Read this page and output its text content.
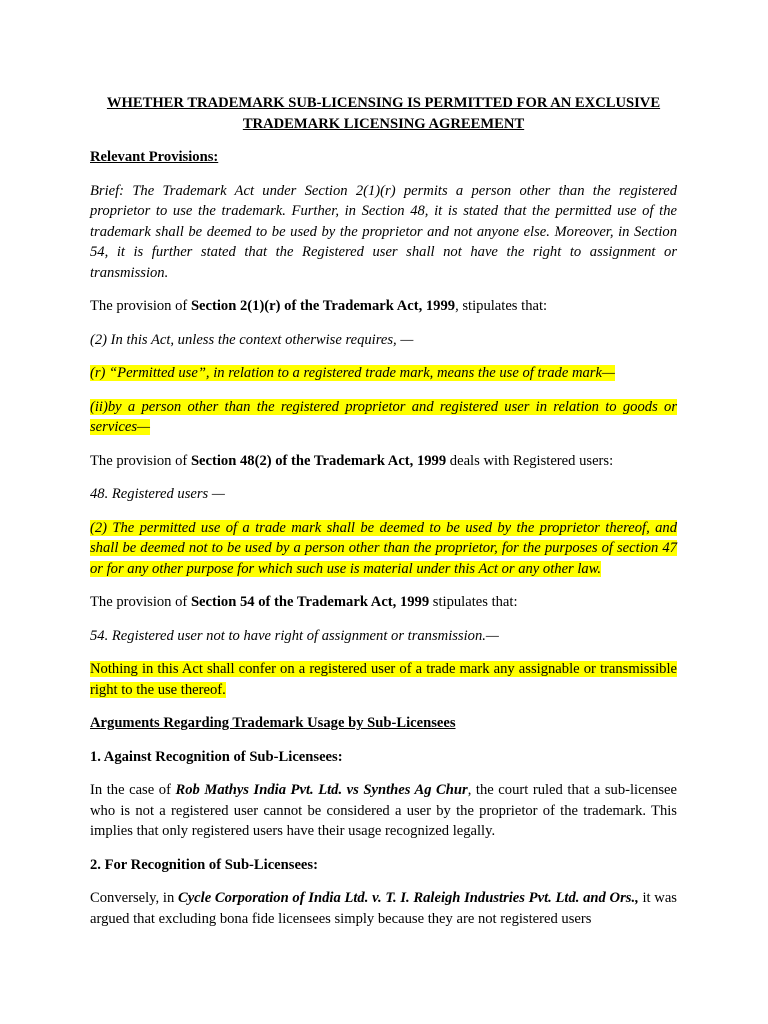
WHETHER TRADEMARK SUB-LICENSING IS PERMITTED FOR AN EXCLUSIVE TRADEMARK LICENSING AGREEMENT
Relevant Provisions:

Brief: The Trademark Act under Section 2(1)(r) permits a person other than the registered proprietor to use the trademark. Further, in Section 48, it is stated that the permitted use of the trademark shall be deemed to be used by the proprietor and not anyone else. Moreover, in Section 54, it is further stated that the Registered user shall not have the right to assignment or transmission.

The provision of Section 2(1)(r) of the Trademark Act, 1999, stipulates that:

(2) In this Act, unless the context otherwise requires, —

(r) “Permitted use”, in relation to a registered trade mark, means the use of trade mark—

(ii)by a person other than the registered proprietor and registered user in relation to goods or services—

The provision of Section 48(2) of the Trademark Act, 1999 deals with Registered users:

48. Registered users —

(2) The permitted use of a trade mark shall be deemed to be used by the proprietor thereof, and shall be deemed not to be used by a person other than the proprietor, for the purposes of section 47 or for any other purpose for which such use is material under this Act or any other law.

The provision of Section 54 of the Trademark Act, 1999 stipulates that:

54. Registered user not to have right of assignment or transmission.—

Nothing in this Act shall confer on a registered user of a trade mark any assignable or transmissible right to the use thereof.

Arguments Regarding Trademark Usage by Sub-Licensees
1. Against Recognition of Sub-Licensees:

In the case of Rob Mathys India Pvt. Ltd. vs Synthes Ag Chur, the court ruled that a sub-licensee who is not a registered user cannot be considered a user by the proprietor of the trademark. This implies that only registered users have their usage recognized legally.

2. For Recognition of Sub-Licensees:

Conversely, in Cycle Corporation of India Ltd. v. T. I. Raleigh Industries Pvt. Ltd. and Ors., it was argued that excluding bona fide licensees simply because they are not registered users
